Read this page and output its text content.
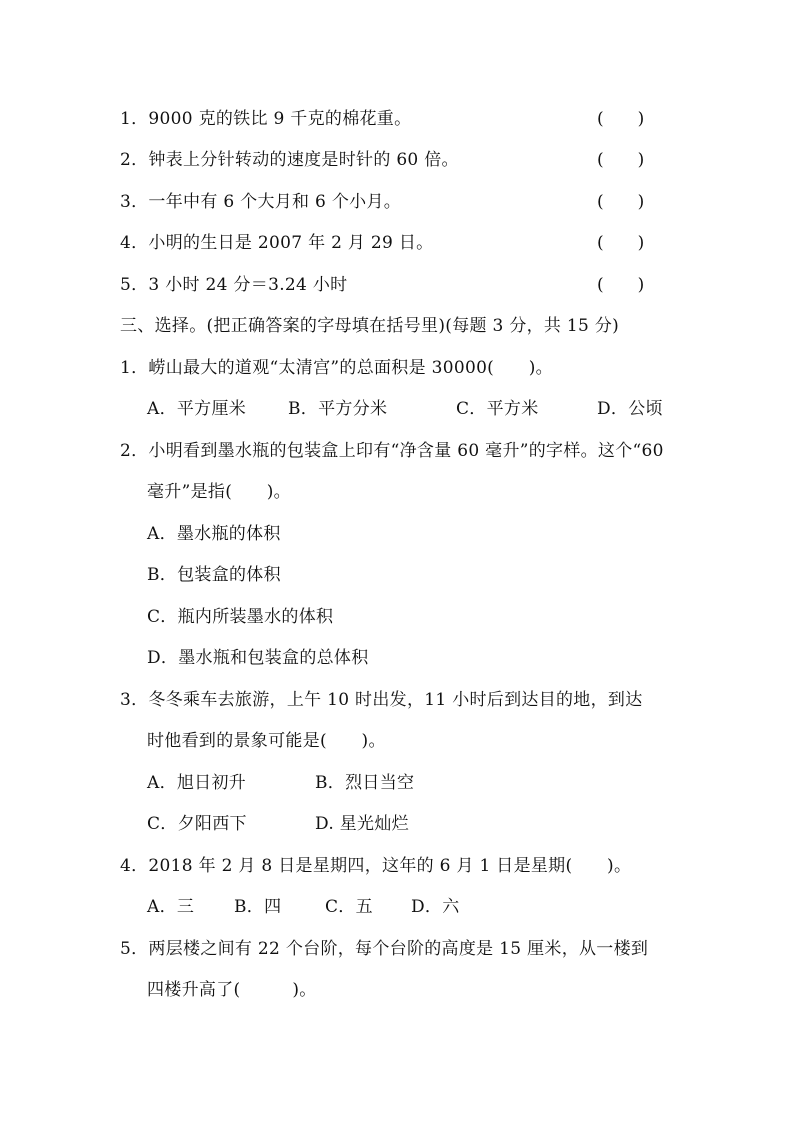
1．9000 克的铁比 9 千克的棉花重。	(　　)
2．钟表上分针转动的速度是时针的 60 倍。	(　　)
3．一年中有 6 个大月和 6 个小月。	(　　)
4．小明的生日是 2007 年 2 月 29 日。	(　　)
5．3 小时 24 分＝3.24 小时	(　　)
三、选择。(把正确答案的字母填在括号里)(每题 3 分，共 15 分)
1．崂山最大的道观“太清宫”的总面积是 30000(　　)。
A．平方厘米 B．平方分米	C．平方米	D．公顷
2．小明看到墨水瓶的包装盒上印有“净含量 60 毫升”的字样。这个“60
毫升”是指(　　)。
A．墨水瓶的体积
B．包装盒的体积
C．瓶内所装墨水的体积
D．墨水瓶和包装盒的总体积
3．冬冬乘车去旅游，上午 10 时出发，11 小时后到达目的地，到达
时他看到的景象可能是(　　)。
A．旭日初升	B．烈日当空
C．夕阳西下	D. 星光灿烂
4．2018 年 2 月 8 日是星期四，这年的 6 月 1 日是星期(　　)。
A．三 B．四	C．五 D．六
5．两层楼之间有 22 个台阶，每个台阶的高度是 15 厘米，从一楼到
四楼升高了(　　　)。
